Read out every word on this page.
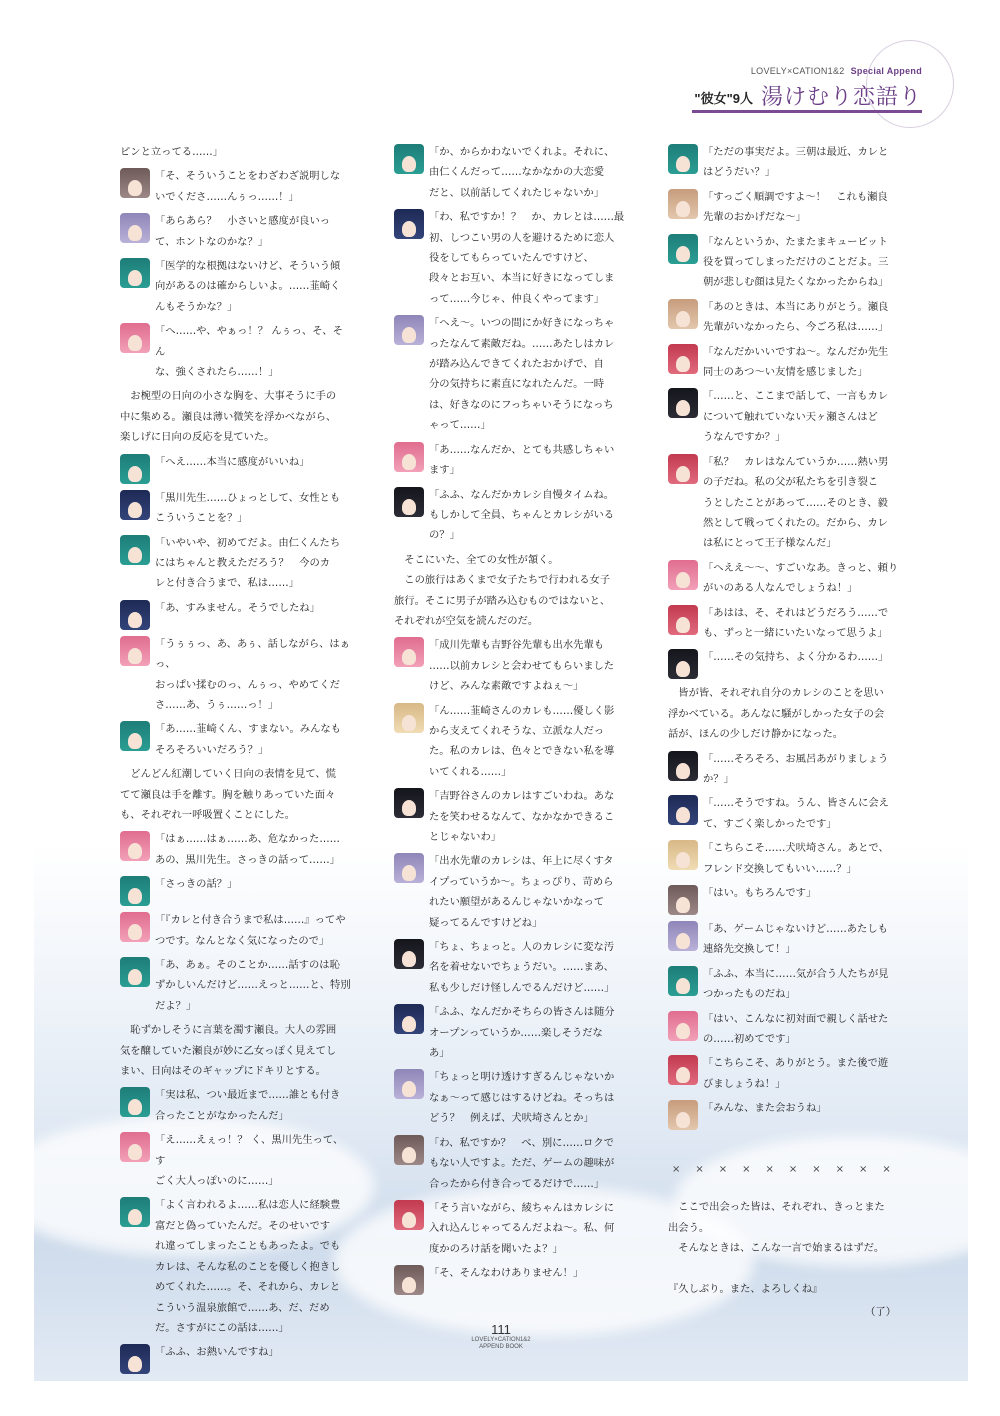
LOVELY×CATION1&2 Special Append
"彼女"9人 湯けむり恋語り
ピンと立ってる……」
「そ、そういうことをわざわざ説明しな
いでくださ……んぅっ……！」
「あらあら？　小さいと感度が良いっ
て、ホントなのかな？」
「医学的な根拠はないけど、そういう傾
向があるのは確からしいよ。……韮崎く
んもそうかな？」
「へ……や、やぁっ！？ んぅっ、そ、そん
な、強くされたら……！」
　お椀型の日向の小さな胸を、大事そうに手の
中に集める。瀬良は薄い微笑を浮かべながら、
楽しげに日向の反応を見ていた。
「へえ……本当に感度がいいね」
「黒川先生……ひょっとして、女性とも
こういうことを？」
「いやいや、初めてだよ。由仁くんたち
にはちゃんと教えただろう？　今のカ
レと付き合うまで、私は……」
「あ、すみません。そうでしたね」
「うぅぅっ、あ、あぅ、話しながら、はぁっ、
おっぱい揉むのっ、んぅっ、やめてくだ
さ……あ、うぅ……っ！」
「あ……韮崎くん、すまない。みんなも
そろそろいいだろう？」
　どんどん紅潮していく日向の表情を見て、慌
てて瀬良は手を離す。胸を触りあっていた面々
も、それぞれ一呼吸置くことにした。
「はぁ……はぁ……あ、危なかった……
あの、黒川先生。さっきの話って……」
「さっきの話？」
「『カレと付き合うまで私は……』ってや
つです。なんとなく気になったので」
「あ、あぁ。そのことか……話すのは恥
ずかしいんだけど……えっと……と、特別
だよ？」
　恥ずかしそうに言葉を濁す瀬良。大人の雰囲
気を醸していた瀬良が妙に乙女っぽく見えてし
まい、日向はそのギャップにドキリとする。
「実は私、つい最近まで……誰とも付き
合ったことがなかったんだ」
「え……えぇっ！？ く、黒川先生って、す
ごく大人っぽいのに……」
「よく言われるよ……私は恋人に経験豊
富だと偽っていたんだ。そのせいです
れ違ってしまったこともあったよ。でも
カレは、そんな私のことを優しく抱きし
めてくれた……。そ、それから、カレと
こういう温泉旅館で……あ、だ、だめ
だ。さすがにこの話は……」
「ふふ、お熱いんですね」
「か、からかわないでくれよ。それに、
由仁くんだって……なかなかの大恋愛
だと、以前話してくれたじゃないか」
「わ、私ですか！？　か、カレとは……最
初、しつこい男の人を避けるために恋人
役をしてもらっていたんですけど、
段々とお互い、本当に好きになってしま
って……今じゃ、仲良くやってます」
「へえ～。いつの間にか好きになっちゃ
ったなんて素敵だね。……あたしはカレ
が踏み込んできてくれたおかげで、自
分の気持ちに素直になれたんだ。一時
は、好きなのにフっちゃいそうになっち
ゃって……」
「あ……なんだか、とても共感しちゃい
ます」
「ふふ、なんだかカレシ自慢タイムね。
もしかして全員、ちゃんとカレシがいる
の？」
　そこにいた、全ての女性が頷く。
　この旅行はあくまで女子たちで行われる女子
旅行。そこに男子が踏み込むものではないと、
それぞれが空気を読んだのだ。
「成川先輩も吉野谷先輩も出水先輩も
……以前カレシと会わせてもらいました
けど、みんな素敵ですよねぇ～」
「ん……韮崎さんのカレも……優しく影
から支えてくれそうな、立派な人だっ
た。私のカレは、色々とできない私を導
いてくれる……」
「吉野谷さんのカレはすごいわね。あな
たを笑わせるなんて、なかなかできるこ
とじゃないわ」
「出水先輩のカレシは、年上に尽くすタ
イプっていうか～。ちょっぴり、苛めら
れたい願望があるんじゃないかなって
疑ってるんですけどね」
「ちょ、ちょっと。人のカレシに変な汚
名を着せないでちょうだい。……まあ、
私も少しだけ怪しんでるんだけど……」
「ふふ、なんだかそちらの皆さんは随分
オープンっていうか……楽しそうだな
あ」
「ちょっと明け透けすぎるんじゃないか
なぁ～って感じはするけどね。そっちは
どう？　例えば、犬吠埼さんとか」
「わ、私ですか？　べ、別に……ロクで
もない人ですよ。ただ、ゲームの趣味が
合ったから付き合ってるだけで……」
「そう言いながら、綾ちゃんはカレシに
入れ込んじゃってるんだよね～。私、何
度かのろけ話を聞いたよ？」
「そ、そんなわけありません！」
「ただの事実だよ。三朝は最近、カレと
はどうだい？」
「すっごく順調ですよ～！　これも瀬良
先輩のおかげだな～」
「なんというか、たまたまキューピット
役を買ってしまっただけのことだよ。三
朝が悲しむ顔は見たくなかったからね」
「あのときは、本当にありがとう。瀬良
先輩がいなかったら、今ごろ私は……」
「なんだかいいですね～。なんだか先生
同士のあつ～い友情を感じました」
「……と、ここまで話して、一言もカレ
について触れていない天ヶ瀬さんはど
うなんですか？」
「私？　カレはなんていうか……熱い男
の子だね。私の父が私たちを引き裂こ
うとしたことがあって……そのとき、毅
然として戦ってくれたの。だから、カレ
は私にとって王子様なんだ」
「へええ～～、すごいなあ。きっと、頼り
がいのある人なんでしょうね！」
「あはは、そ、それはどうだろう……で
も、ずっと一緒にいたいなって思うよ」
「……その気持ち、よく分かるわ……」
　皆が皆、それぞれ自分のカレシのことを思い
浮かべている。あんなに騒がしかった女子の会
話が、ほんの少しだけ静かになった。
「……そろそろ、お風呂あがりましょう
か？」
「……そうですね。うん、皆さんに会え
て、すごく楽しかったです」
「こちらこそ……犬吠埼さん。あとで、
フレンド交換してもいい……？」
「はい。もちろんです」
「あ、ゲームじゃないけど……あたしも
連絡先交換して！」
「ふふ、本当に……気が合う人たちが見
つかったものだね」
「はい、こんなに初対面で親しく話せた
の……初めてです」
「こちらこそ、ありがとう。また後で遊
びましょうね！」
「みんな、また会おうね」
××××××××××
　ここで出会った皆は、それぞれ、きっとまた
出会う。
　そんなときは、こんな一言で始まるはずだ。

『久しぶり。また、よろしくね』
（了）
111
LOVELY×CATION1&2
APPEND BOOK
